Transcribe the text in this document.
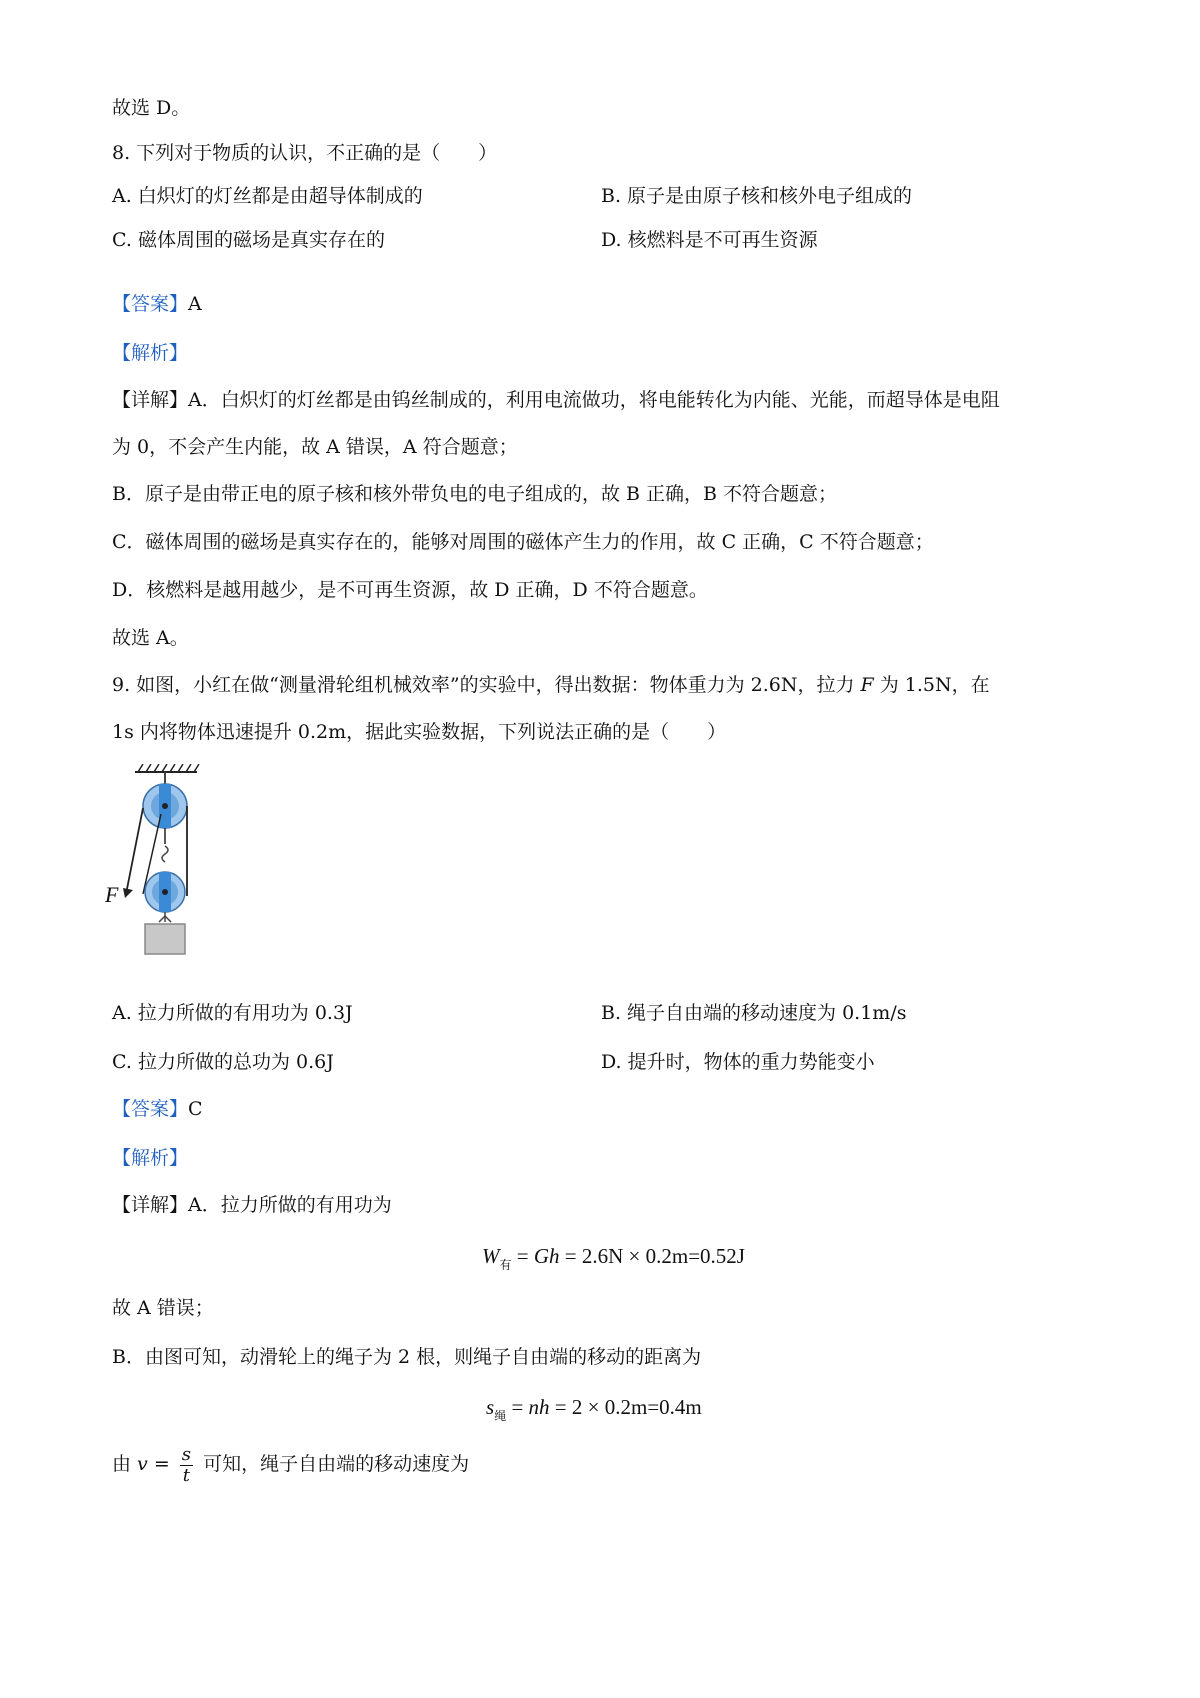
故选 D。
8. 下列对于物质的认识，不正确的是（　　）
A. 白炽灯的灯丝都是由超导体制成的	B. 原子是由原子核和核外电子组成的
C. 磁体周围的磁场是真实存在的	D. 核燃料是不可再生资源
【答案】A
【解析】
【详解】A．白炽灯的灯丝都是由钨丝制成的，利用电流做功，将电能转化为内能、光能，而超导体是电阻
为 0，不会产生内能，故 A 错误，A 符合题意；
B．原子是由带正电的原子核和核外带负电的电子组成的，故 B 正确，B 不符合题意；
C．磁体周围的磁场是真实存在的，能够对周围的磁体产生力的作用，故 C 正确，C 不符合题意；
D．核燃料是越用越少，是不可再生资源，故 D 正确，D 不符合题意。
故选 A。
9. 如图，小红在做“测量滑轮组机械效率”的实验中，得出数据：物体重力为 2.6N，拉力 F 为 1.5N，在
1s 内将物体迅速提升 0.2m，据此实验数据，下列说法正确的是（　　）
F
A. 拉力所做的有用功为 0.3J	B. 绳子自由端的移动速度为 0.1m/s
C. 拉力所做的总功为 0.6J	D. 提升时，物体的重力势能变小
【答案】C
【解析】
【详解】A．拉力所做的有用功为
$W_有 = Gh = 2.6N \times 0.2m=0.52J$
故 A 错误；
B．由图可知，动滑轮上的绳子为 2 根，则绳子自由端的移动的距离为
$s_绳$ = nh = 2 × 0.2m=0.4m
由 $v = \frac{s}{t}$ 可知，绳子自由端的移动速度为
